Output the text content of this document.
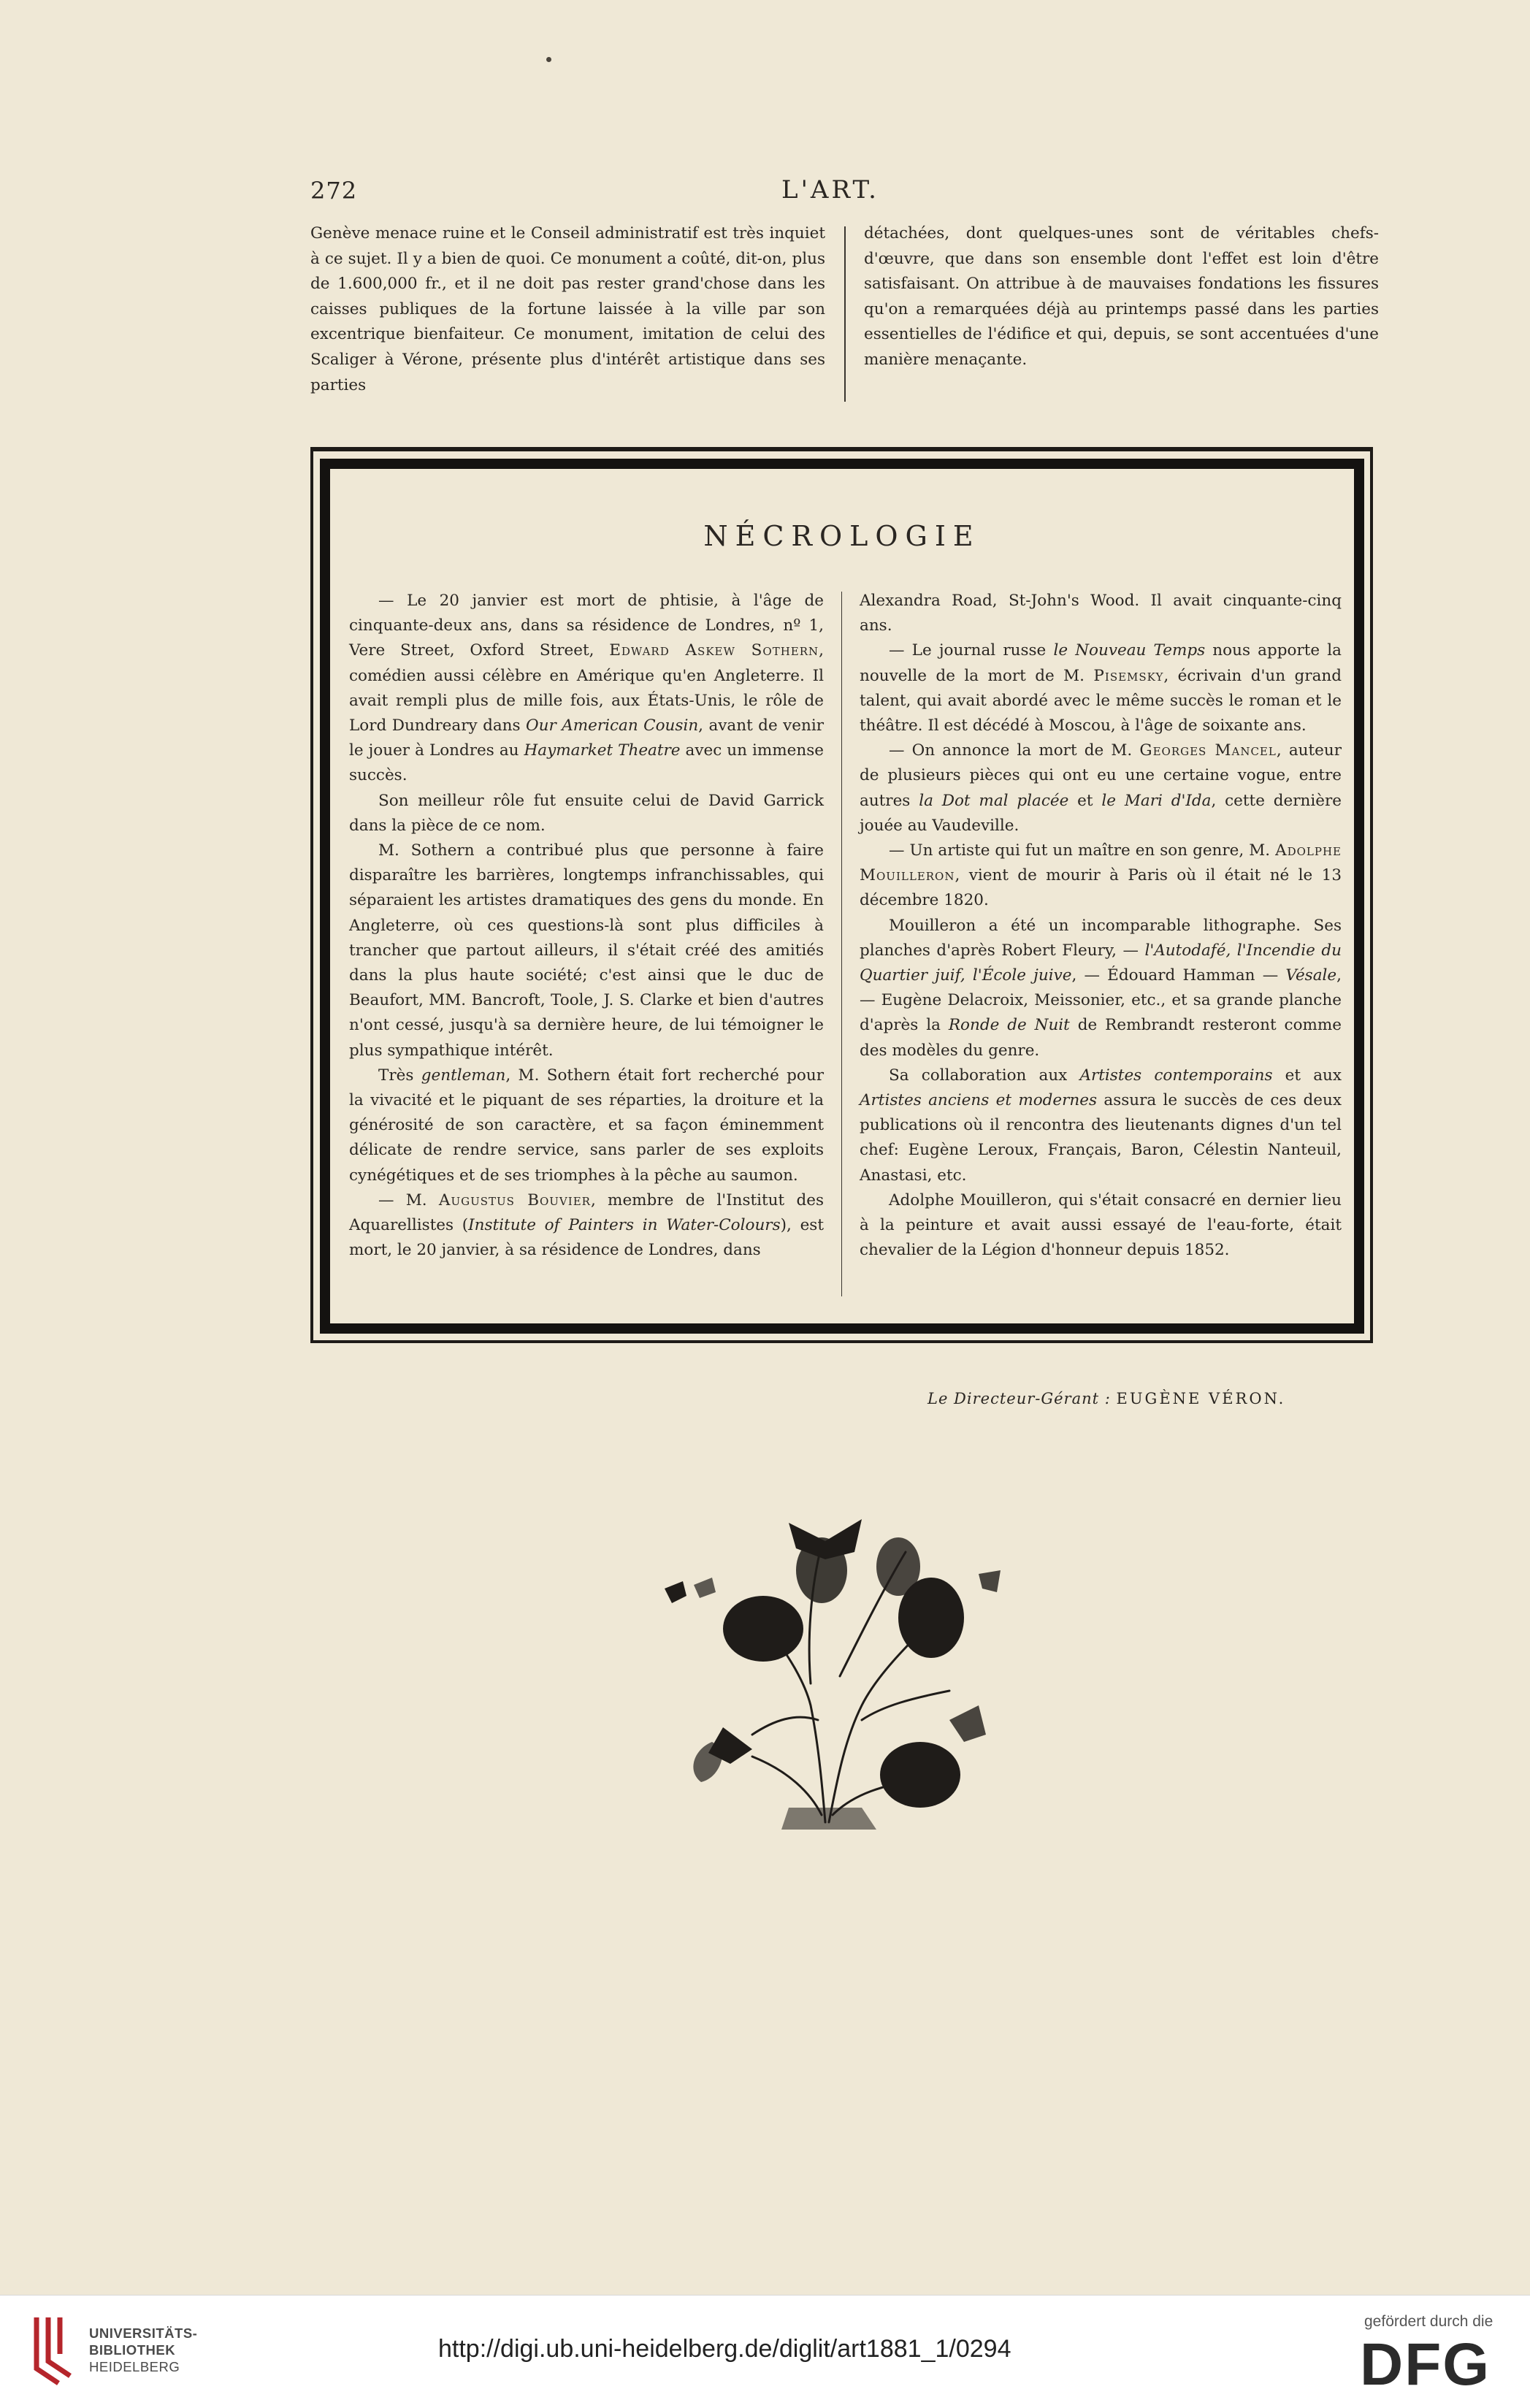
272	L'ART.

Genève menace ruine et le Conseil administratif est très inquiet à ce sujet. Il y a bien de quoi. Ce monument a coûté, dit-on, plus de 1.600,000 fr., et il ne doit pas rester grand'chose dans les caisses publiques de la fortune laissée à la ville par son excentrique bienfaiteur. Ce monument, imitation de celui des Scaliger à Vérone, présente plus d'intérêt artistique dans ses parties

détachées, dont quelques-unes sont de véritables chefs-d'œuvre, que dans son ensemble dont l'effet est loin d'être satisfaisant. On attribue à de mauvaises fondations les fissures qu'on a remarquées déjà au printemps passé dans les parties essentielles de l'édifice et qui, depuis, se sont accentuées d'une manière menaçante.

NÉCROLOGIE

— Le 20 janvier est mort de phtisie, à l'âge de cinquante-deux ans, dans sa résidence de Londres, nº 1, Vere Street, Oxford Street, Edward Askew Sothern, comédien aussi célèbre en Amérique qu'en Angleterre. Il avait rempli plus de mille fois, aux États-Unis, le rôle de Lord Dundreary dans Our American Cousin, avant de venir le jouer à Londres au Haymarket Theatre avec un immense succès.

Son meilleur rôle fut ensuite celui de David Garrick dans la pièce de ce nom.

M. Sothern a contribué plus que personne à faire disparaître les barrières, longtemps infranchissables, qui séparaient les artistes dramatiques des gens du monde. En Angleterre, où ces questions-là sont plus difficiles à trancher que partout ailleurs, il s'était créé des amitiés dans la plus haute société; c'est ainsi que le duc de Beaufort, MM. Bancroft, Toole, J. S. Clarke et bien d'autres n'ont cessé, jusqu'à sa dernière heure, de lui témoigner le plus sympathique intérêt.

Très gentleman, M. Sothern était fort recherché pour la vivacité et le piquant de ses réparties, la droiture et la générosité de son caractère, et sa façon éminemment délicate de rendre service, sans parler de ses exploits cynégétiques et de ses triomphes à la pêche au saumon.

— M. Augustus Bouvier, membre de l'Institut des Aquarellistes (Institute of Painters in Water-Colours), est mort, le 20 janvier, à sa résidence de Londres, dans

Alexandra Road, St-John's Wood. Il avait cinquante-cinq ans.

— Le journal russe le Nouveau Temps nous apporte la nouvelle de la mort de M. Pisemsky, écrivain d'un grand talent, qui avait abordé avec le même succès le roman et le théâtre. Il est décédé à Moscou, à l'âge de soixante ans.

— On annonce la mort de M. Georges Mancel, auteur de plusieurs pièces qui ont eu une certaine vogue, entre autres la Dot mal placée et le Mari d'Ida, cette dernière jouée au Vaudeville.

— Un artiste qui fut un maître en son genre, M. Adolphe Mouilleron, vient de mourir à Paris où il était né le 13 décembre 1820.

Mouilleron a été un incomparable lithographe. Ses planches d'après Robert Fleury, — l'Autodafé, l'Incendie du Quartier juif, l'École juive, — Édouard Hamman — Vésale, — Eugène Delacroix, Meissonier, etc., et sa grande planche d'après la Ronde de Nuit de Rembrandt resteront comme des modèles du genre.

Sa collaboration aux Artistes contemporains et aux Artistes anciens et modernes assura le succès de ces deux publications où il rencontra des lieutenants dignes d'un tel chef: Eugène Leroux, Français, Baron, Célestin Nanteuil, Anastasi, etc.

Adolphe Mouilleron, qui s'était consacré en dernier lieu à la peinture et avait aussi essayé de l'eau-forte, était chevalier de la Légion d'honneur depuis 1852.

Le Directeur-Gérant : EUGÈNE VÉRON.
UNIVERSITÄTS-
BIBLIOTHEK
HEIDELBERG
http://digi.ub.uni-heidelberg.de/diglit/art1881_1/0294
gefördert durch die
DFG
